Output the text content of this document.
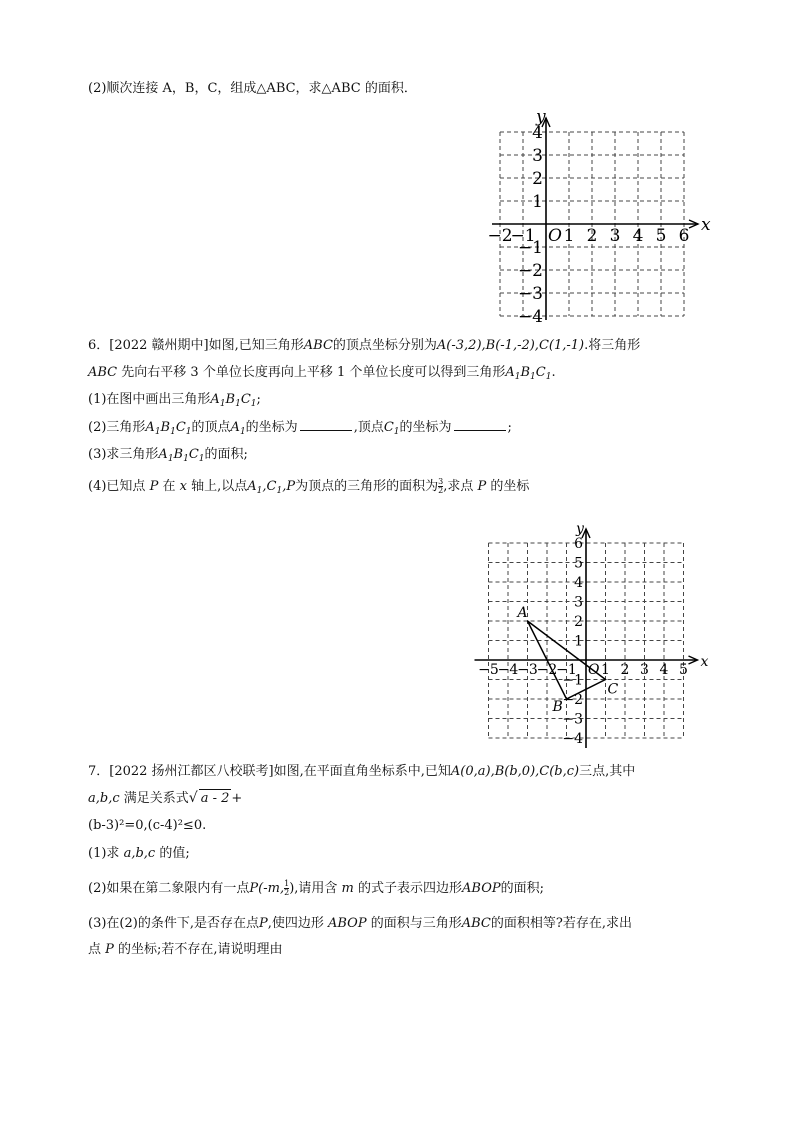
(2)顺次连接 A，B，C，组成△ABC，求△ABC 的面积．
x
y
O
−2
−1 1 2 3 4 5 6
4
3
2
1
−1
−2
−3
−4
6．[2022 赣州期中]如图,已知三角形ABC的顶点坐标分别为A(-3,2),B(-1,-2),C(1,-1).将三角形
ABC 先向右平移 3 个单位长度再向上平移 1 个单位长度可以得到三角形$A_1B_1C_1$.
(1)在图中画出三角形$A_1B_1C_1$;
(2)三角形$A_1B_1C_1$的顶点$A_1$的坐标为	,顶点$C_1$的坐标为	;
(3)求三角形$A_1B_1C_1$的面积;
(4)已知点 P 在 x 轴上,以点$A_1,C_1,P$为顶点的三角形的面积为 $\frac{3}{2}$ ,求点 P 的坐标
x
y
O
−5
−4
−3
−2
−1 1 2 3 4 5
6
5
4
3
2
1
−1
−2
−3
−4
A
B
C
7．[2022 扬州江都区八校联考]如图,在平面直角坐标系中,已知A(0,a),B(b,0),C(b,c)三点,其中
a,b,c 满足关系式√ a - 2 +
(b-3)²=0,(c-4)²≤0.
(1)求 a,b,c 的值;
(2)如果在第二象限内有一点P(-m, $\frac{1}{2}$ ),请用含 m 的式子表示四边形ABOP的面积;
(3)在(2)的条件下,是否存在点P,使四边形 ABOP 的面积与三角形ABC的面积相等?若存在,求出
点 P 的坐标;若不存在,请说明理由
